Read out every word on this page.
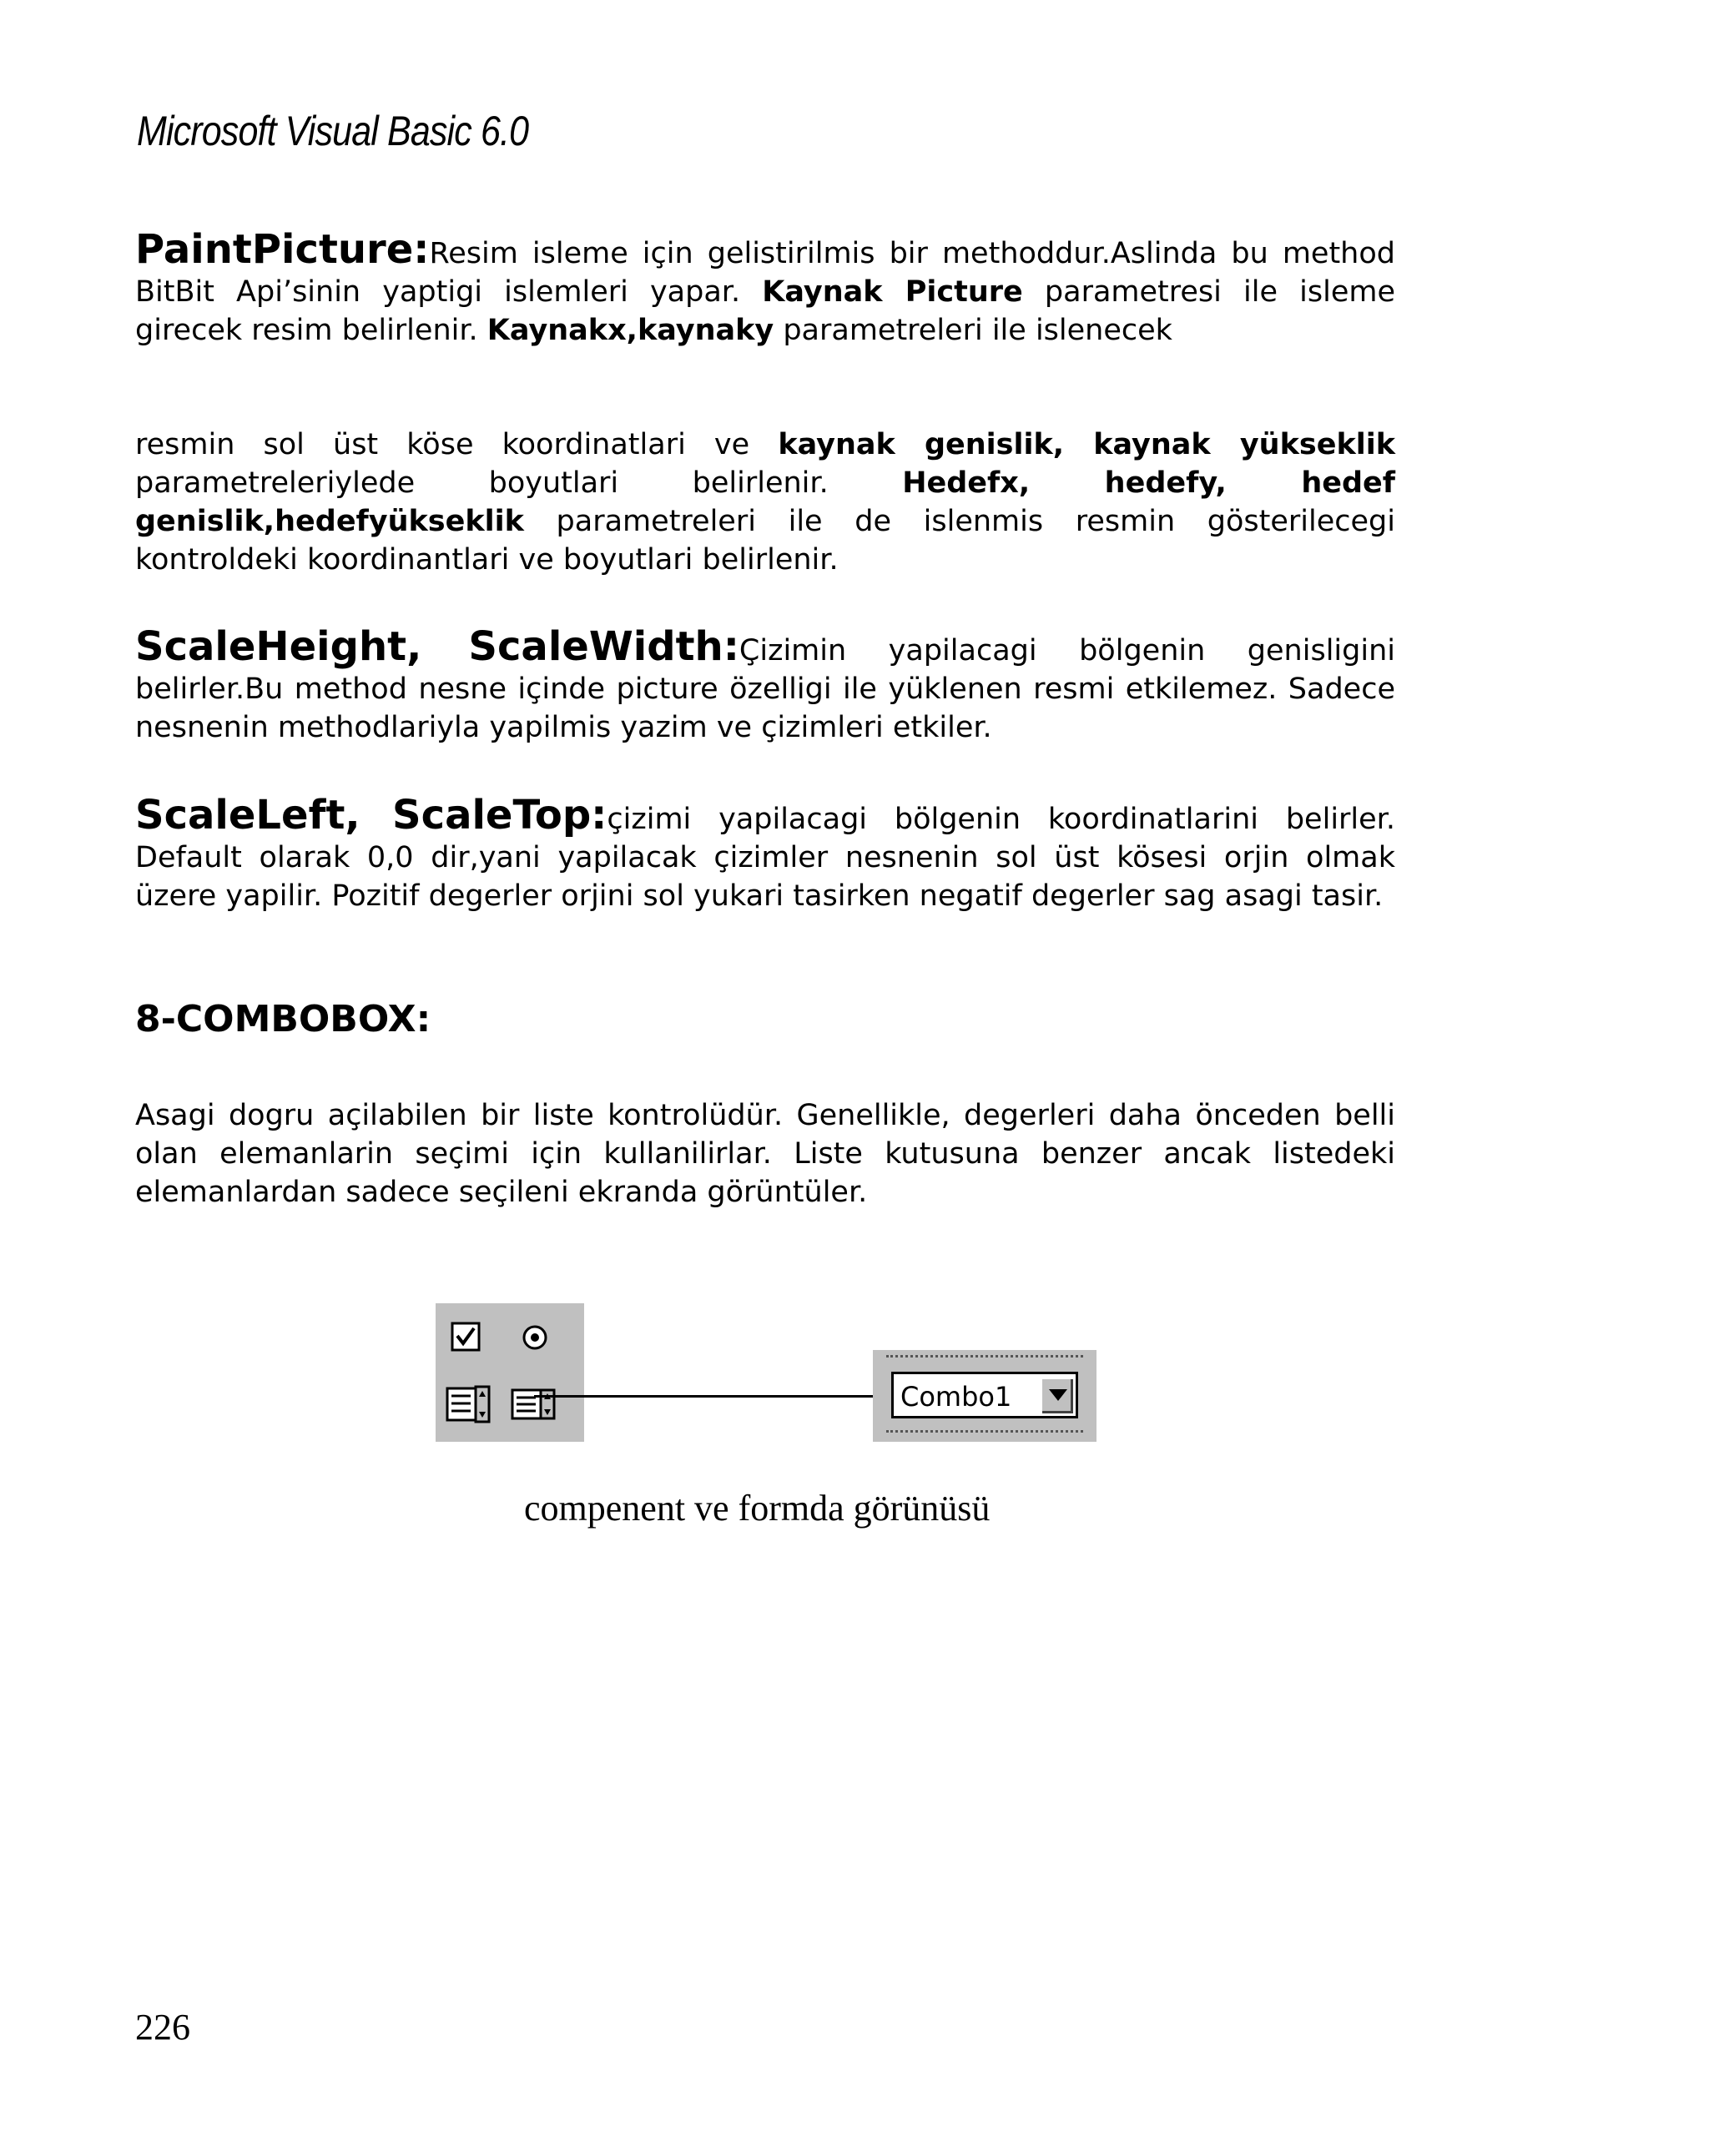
Microsoft Visual Basic 6.0
PaintPicture:Resim isleme için gelistirilmis bir methoddur.Aslinda bu method BitBit Api’sinin yaptigi islemleri yapar. Kaynak Picture parametresi ile isleme girecek resim belirlenir. Kaynakx,kaynaky parametreleri ile islenecek
resmin sol üst köse koordinatlari ve kaynak genislik, kaynak yükseklik parametreleriylede boyutlari belirlenir. Hedefx, hedefy, hedef genislik,hedefyükseklik parametreleri ile de islenmis resmin gösterilecegi kontroldeki koordinantlari ve boyutlari belirlenir.
ScaleHeight, ScaleWidth:Çizimin yapilacagi bölgenin genisligini belirler.Bu method nesne içinde picture özelligi ile yüklenen resmi etkilemez. Sadece nesnenin methodlariyla yapilmis yazim ve çizimleri etkiler.
ScaleLeft, ScaleTop:çizimi yapilacagi bölgenin koordinatlarini belirler. Default olarak 0,0 dir,yani yapilacak çizimler nesnenin sol üst kösesi orjin olmak üzere yapilir. Pozitif degerler orjini sol yukari tasirken negatif degerler sag asagi tasir.
8-COMBOBOX:
Asagi dogru açilabilen bir liste kontrolüdür. Genellikle, degerleri daha önceden belli olan elemanlarin seçimi için kullanilirlar. Liste kutusuna benzer ancak listedeki elemanlardan sadece seçileni ekranda görüntüler.
Combo1
compenent ve formda görünüsü
226
